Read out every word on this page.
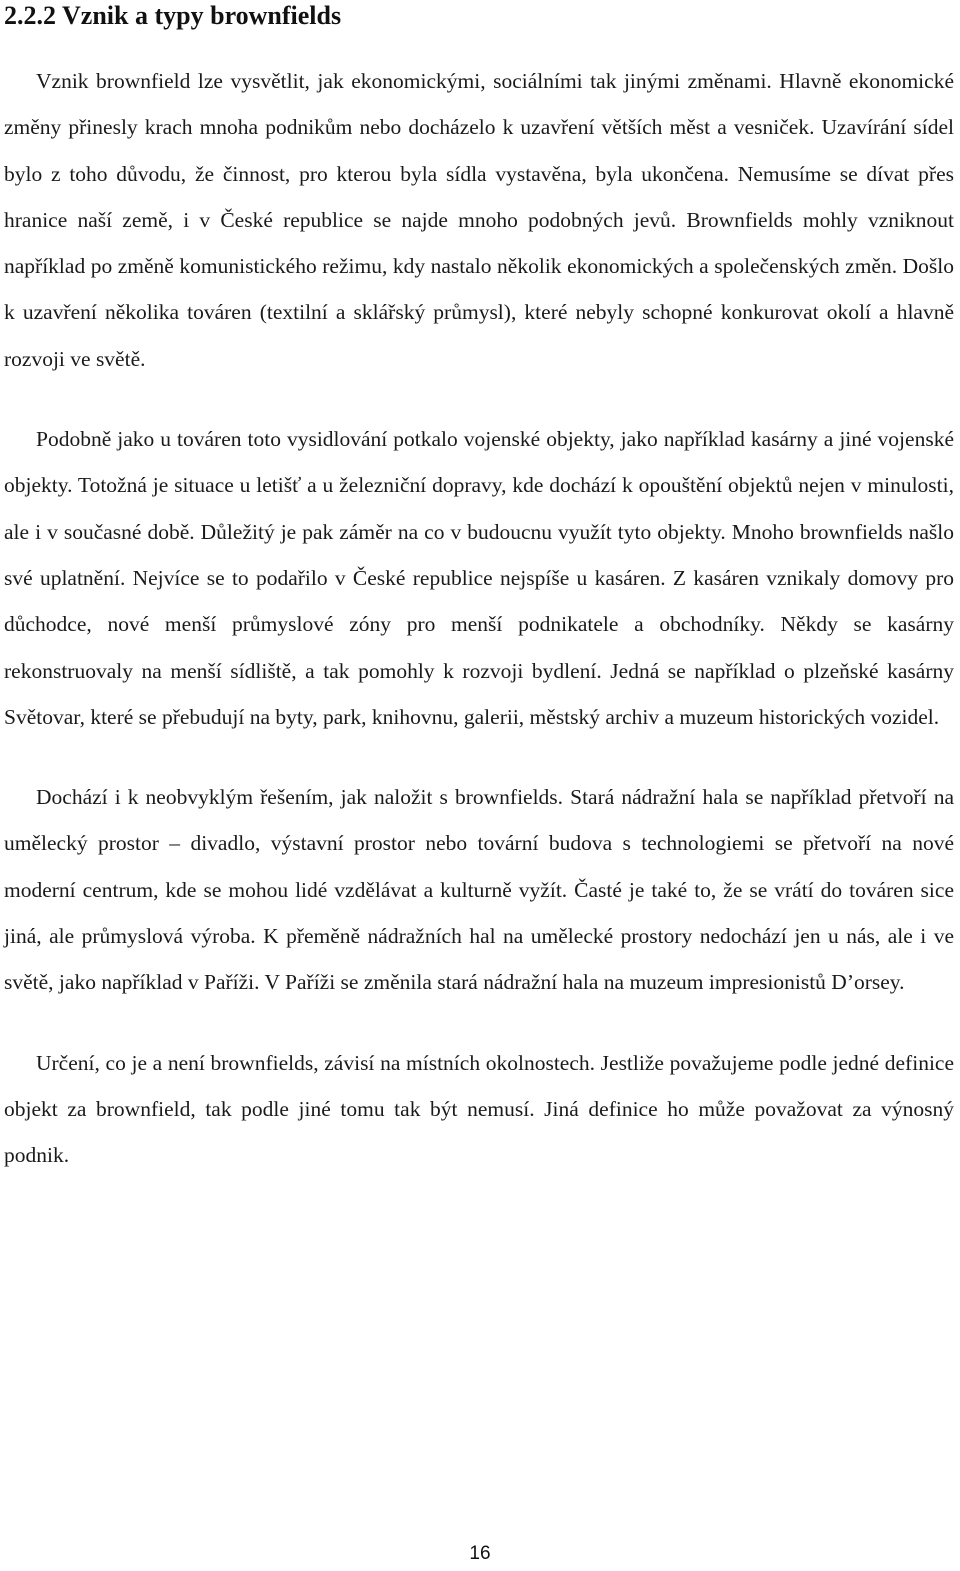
2.2.2 Vznik a typy brownfields

Vznik brownfield lze vysvětlit, jak ekonomickými, sociálními tak jinými změnami. Hlavně ekonomické změny přinesly krach mnoha podnikům nebo docházelo k uzavření větších měst a vesniček. Uzavírání sídel bylo z toho důvodu, že činnost, pro kterou byla sídla vystavěna, byla ukončena. Nemusíme se dívat přes hranice naší země, i v České republice se najde mnoho podobných jevů. Brownfields mohly vzniknout například po změně komunistického režimu, kdy nastalo několik ekonomických a společenských změn. Došlo k uzavření několika továren (textilní a sklářský průmysl), které nebyly schopné konkurovat okolí a hlavně rozvoji ve světě.

Podobně jako u továren toto vysidlování potkalo vojenské objekty, jako například kasárny a jiné vojenské objekty. Totožná je situace u letišť a u železniční dopravy, kde dochází k opouštění objektů nejen v minulosti, ale i v současné době. Důležitý je pak záměr na co v budoucnu využít tyto objekty. Mnoho brownfields našlo své uplatnění. Nejvíce se to podařilo v České republice nejspíše u kasáren. Z kasáren vznikaly domovy pro důchodce, nové menší průmyslové zóny pro menší podnikatele a obchodníky. Někdy se kasárny rekonstruovaly na menší sídliště, a tak pomohly k rozvoji bydlení. Jedná se například o plzeňské kasárny Světovar, které se přebudují na byty, park, knihovnu, galerii, městský archiv a muzeum historických vozidel.

Dochází i k neobvyklým řešením, jak naložit s brownfields. Stará nádražní hala se například přetvoří na umělecký prostor – divadlo, výstavní prostor nebo tovární budova s technologiemi se přetvoří na nové moderní centrum, kde se mohou lidé vzdělávat a kulturně vyžít. Časté je také to, že se vrátí do továren sice jiná, ale průmyslová výroba. K přeměně nádražních hal na umělecké prostory nedochází jen u nás, ale i ve světě, jako například v Paříži. V Paříži se změnila stará nádražní hala na muzeum impresionistů D’orsey.

Určení, co je a není brownfields, závisí na místních okolnostech. Jestliže považujeme podle jedné definice objekt za brownfield, tak podle jiné tomu tak být nemusí. Jiná definice ho může považovat za výnosný podnik.

16
